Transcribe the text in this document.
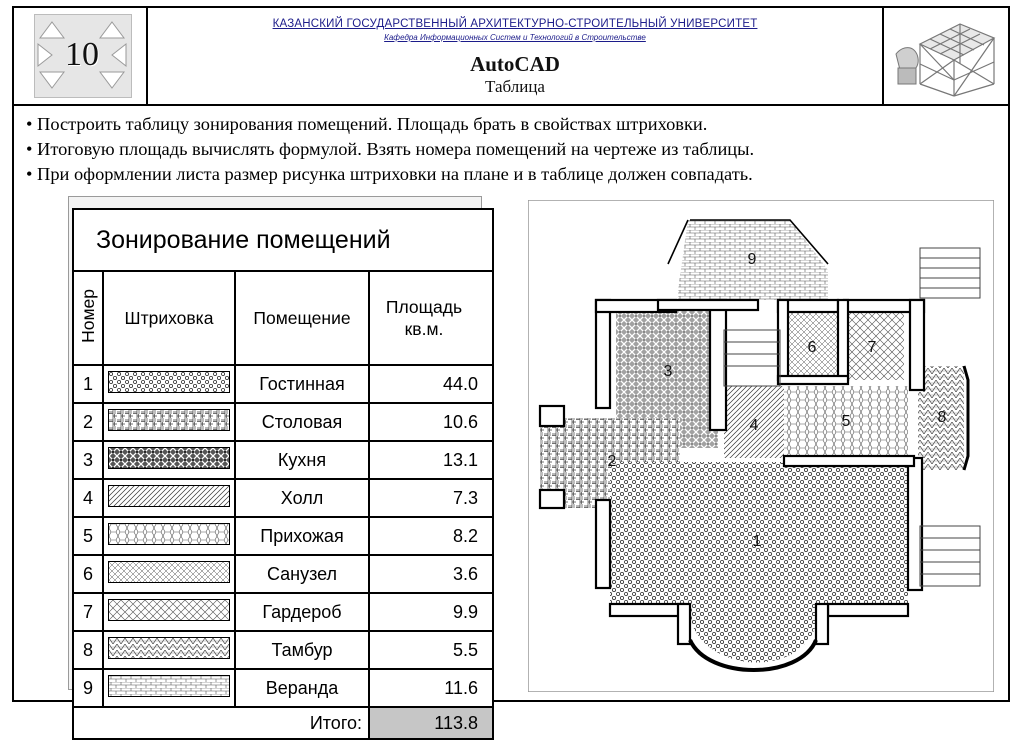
10
КАЗАНСКИЙ ГОСУДАРСТВЕННЫЙ АРХИТЕКТУРНО-СТРОИТЕЛЬНЫЙ УНИВЕРСИТЕТ
Кафедра Информационных Систем и Технологий в Строительстве
AutoCAD
Таблица
• Построить таблицу зонирования помещений. Площадь брать в свойствах штриховки.
• Итоговую площадь вычислять формулой. Взять номера помещений на чертеже из таблицы.
• При оформлении листа размер рисунка штриховки на плане и в таблице должен совпадать.
Зонирование помещений			
Номер	Штриховка	Помещение	Площадь кв.м.
1		Гостинная	44.0
2		Столовая	10.6
3		Кухня	13.1
4		Холл	7.3
5		Прихожая	8.2
6		Санузел	3.6
7		Гардероб	9.9
8		Тамбур	5.5
9		Веранда	11.6
Итого:			113.8
1
2
3
4	5
6	7
8
9
